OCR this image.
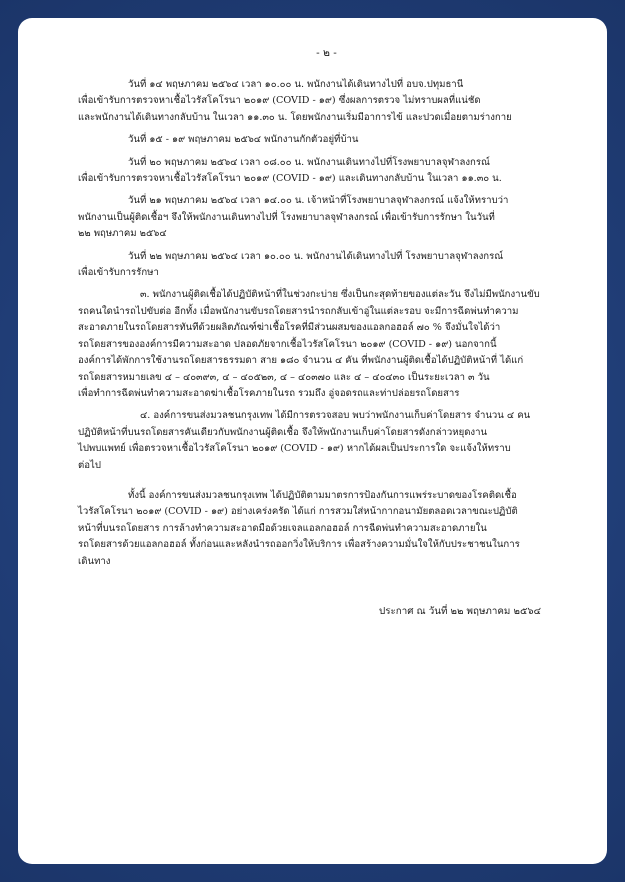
- ๒ -

วันที่ ๑๔ พฤษภาคม ๒๕๖๔ เวลา ๑๐.๐๐ น. พนักงานได้เดินทางไปที่ อบจ.ปทุมธานี
เพื่อเข้ารับการตรวจหาเชื้อไวรัสโคโรนา ๒๐๑๙ (COVID - ๑๙) ซึ่งผลการตรวจ ไม่ทราบผลที่แน่ชัด
และพนักงานได้เดินทางกลับบ้าน ในเวลา ๑๑.๓๐ น. โดยพนักงานเริ่มมีอาการไข้ และปวดเมื่อยตามร่างกาย

วันที่ ๑๕ - ๑๙ พฤษภาคม ๒๕๖๔ พนักงานกักตัวอยู่ที่บ้าน

วันที่ ๒๐ พฤษภาคม ๒๕๖๔ เวลา ๐๘.๐๐ น. พนักงานเดินทางไปที่โรงพยาบาลจุฬาลงกรณ์
เพื่อเข้ารับการตรวจหาเชื้อไวรัสโคโรนา ๒๐๑๙ (COVID - ๑๙) และเดินทางกลับบ้าน ในเวลา ๑๑.๓๐ น.

วันที่ ๒๑ พฤษภาคม ๒๕๖๔ เวลา ๑๔.๐๐ น. เจ้าหน้าที่โรงพยาบาลจุฬาลงกรณ์ แจ้งให้ทราบว่า
พนักงานเป็นผู้ติดเชื้อฯ จึงให้พนักงานเดินทางไปที่ โรงพยาบาลจุฬาลงกรณ์ เพื่อเข้ารับการรักษา ในวันที่
๒๒ พฤษภาคม ๒๕๖๔

วันที่ ๒๒ พฤษภาคม ๒๕๖๔ เวลา ๑๐.๐๐ น. พนักงานได้เดินทางไปที่ โรงพยาบาลจุฬาลงกรณ์
เพื่อเข้ารับการรักษา

๓. พนักงานผู้ติดเชื้อได้ปฏิบัติหน้าที่ในช่วงกะบ่าย ซึ่งเป็นกะสุดท้ายของแต่ละวัน จึงไม่มีพนักงานขับ
รถคนใดนำรถไปขับต่อ อีกทั้ง เมื่อพนักงานขับรถโดยสารนำรถกลับเข้าอู่ในแต่ละรอบ จะมีการฉีดพ่นทำความ
สะอาดภายในรถโดยสารทันทีด้วยผลิตภัณฑ์ฆ่าเชื้อโรคที่มีส่วนผสมของแอลกอฮอล์ ๗๐ % จึงมั่นใจได้ว่า
รถโดยสารขององค์การมีความสะอาด ปลอดภัยจากเชื้อไวรัสโคโรนา ๒๐๑๙ (COVID - ๑๙) นอกจากนี้
องค์การได้พักการใช้งานรถโดยสารธรรมดา สาย ๑๘๐ จำนวน ๔ คัน ที่พนักงานผู้ติดเชื้อได้ปฏิบัติหน้าที่ ได้แก่
รถโดยสารหมายเลข ๔ – ๔๐๓๙๓, ๔ – ๔๐๕๒๓, ๔ – ๔๐๓๗๐ และ ๔ – ๔๐๔๓๐ เป็นระยะเวลา ๓ วัน
เพื่อทำการฉีดพ่นทำความสะอาดฆ่าเชื้อโรคภายในรถ รวมถึง อู่จอดรถและท่าปล่อยรถโดยสาร

๔. องค์การขนส่งมวลชนกรุงเทพ ได้มีการตรวจสอบ พบว่าพนักงานเก็บค่าโดยสาร จำนวน ๔ คน
ปฏิบัติหน้าที่บนรถโดยสารคันเดียวกับพนักงานผู้ติดเชื้อ จึงให้พนักงานเก็บค่าโดยสารดังกล่าวหยุดงาน
ไปพบแพทย์ เพื่อตรวจหาเชื้อไวรัสโคโรนา ๒๐๑๙ (COVID - ๑๙) หากได้ผลเป็นประการใด จะแจ้งให้ทราบ
ต่อไป

ทั้งนี้ องค์การขนส่งมวลชนกรุงเทพ ได้ปฏิบัติตามมาตรการป้องกันการแพร่ระบาดของโรคติดเชื้อ
ไวรัสโคโรนา ๒๐๑๙ (COVID - ๑๙) อย่างเคร่งครัด ได้แก่ การสวมใส่หน้ากากอนามัยตลอดเวลาขณะปฏิบัติ
หน้าที่บนรถโดยสาร การล้างทำความสะอาดมือด้วยเจลแอลกอฮอล์ การฉีดพ่นทำความสะอาดภายใน
รถโดยสารด้วยแอลกอฮอล์ ทั้งก่อนและหลังนำรถออกวิ่งให้บริการ เพื่อสร้างความมั่นใจให้กับประชาชนในการ
เดินทาง

ประกาศ ณ วันที่ ๒๒ พฤษภาคม ๒๕๖๔
